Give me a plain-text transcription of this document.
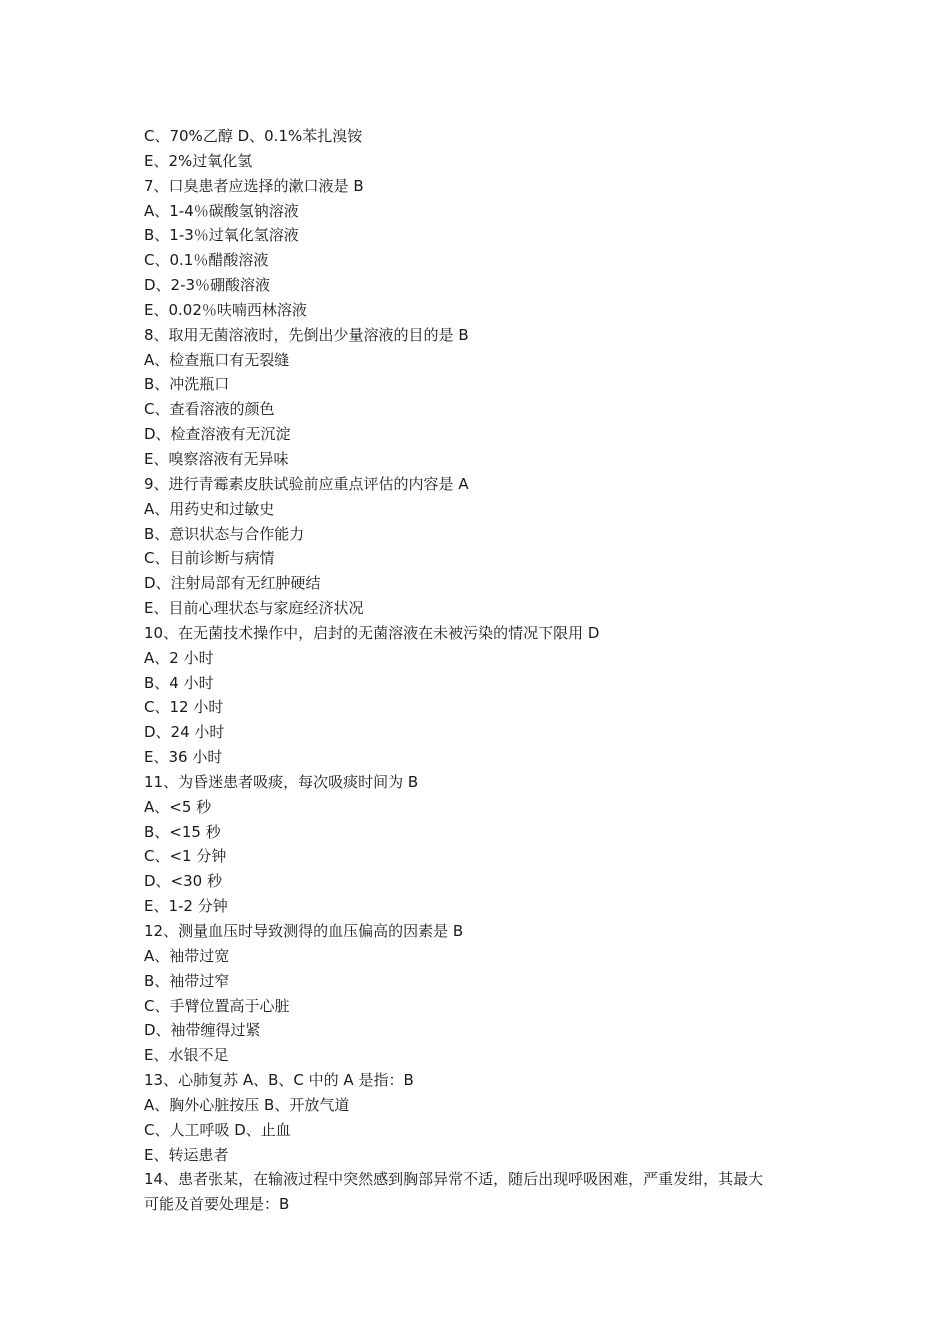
C、70%乙醇 D、0.1%苯扎溴铵
E、2%过氧化氢
7、口臭患者应选择的漱口液是 B
A、1-4％碳酸氢钠溶液
B、1-3％过氧化氢溶液
C、0.1％醋酸溶液
D、2-3％硼酸溶液
E、0.02％呋喃西林溶液
8、取用无菌溶液时，先倒出少量溶液的目的是 B
A、检查瓶口有无裂缝
B、冲洗瓶口
C、查看溶液的颜色
D、检查溶液有无沉淀
E、嗅察溶液有无异味
9、进行青霉素皮肤试验前应重点评估的内容是 A
A、用药史和过敏史
B、意识状态与合作能力
C、目前诊断与病情
D、注射局部有无红肿硬结
E、目前心理状态与家庭经济状况
10、在无菌技术操作中，启封的无菌溶液在未被污染的情况下限用 D
A、2 小时
B、4 小时
C、12 小时
D、24 小时
E、36 小时
11、为昏迷患者吸痰，每次吸痰时间为 B
A、<5 秒
B、<15 秒
C、<1 分钟
D、<30 秒
E、1-2 分钟
12、测量血压时导致测得的血压偏高的因素是 B
A、袖带过宽
B、袖带过窄
C、手臂位置高于心脏
D、袖带缠得过紧
E、水银不足
13、心肺复苏 A、B、C 中的 A 是指：B
A、胸外心脏按压 B、开放气道
C、人工呼吸 D、止血
E、转运患者
14、患者张某，在输液过程中突然感到胸部异常不适，随后出现呼吸困难，严重发绀，其最大
可能及首要处理是：B
